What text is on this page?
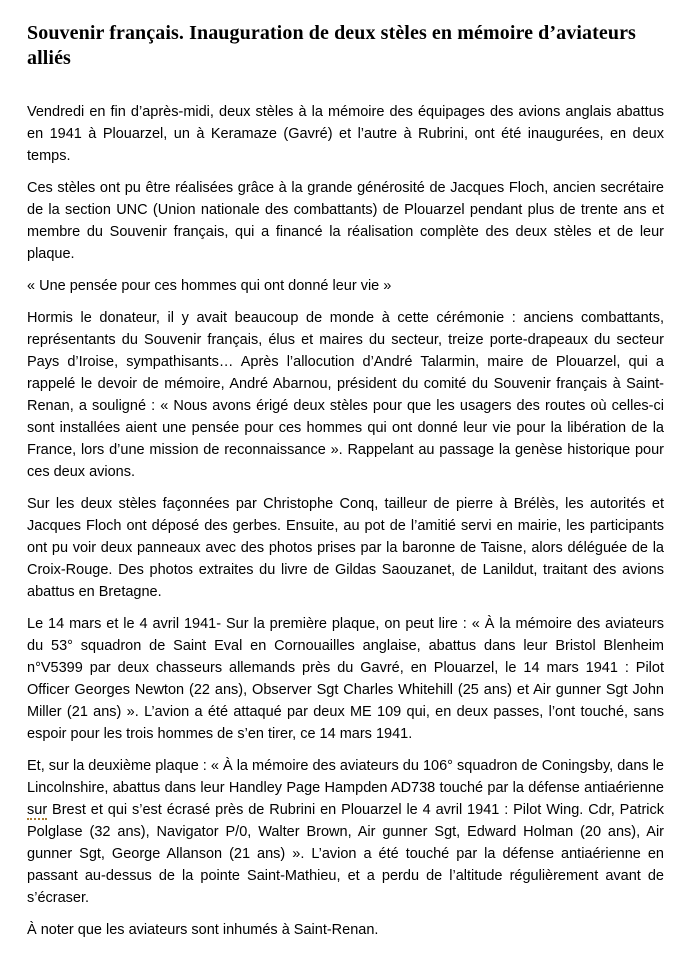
Souvenir français. Inauguration de deux stèles en mémoire d’aviateurs alliés

Vendredi en fin d’après-midi, deux stèles à la mémoire des équipages des avions anglais abattus en 1941 à Plouarzel, un à Keramaze (Gavré) et l’autre à Rubrini, ont été inaugurées, en deux temps.

Ces stèles ont pu être réalisées grâce à la grande générosité de Jacques Floch, ancien secrétaire de la section UNC (Union nationale des combattants) de Plouarzel pendant plus de trente ans et membre du Souvenir français, qui a financé la réalisation complète des deux stèles et de leur plaque.

« Une pensée pour ces hommes qui ont donné leur vie »

Hormis le donateur, il y avait beaucoup de monde à cette cérémonie : anciens combattants, représentants du Souvenir français, élus et maires du secteur, treize porte-drapeaux du secteur Pays d’Iroise, sympathisants… Après l’allocution d’André Talarmin, maire de Plouarzel, qui a rappelé le devoir de mémoire, André Abarnou, président du comité du Souvenir français à Saint-Renan, a souligné : « Nous avons érigé deux stèles pour que les usagers des routes où celles-ci sont installées aient une pensée pour ces hommes qui ont donné leur vie pour la libération de la France, lors d’une mission de reconnaissance ». Rappelant au passage la genèse historique pour ces deux avions.

Sur les deux stèles façonnées par Christophe Conq, tailleur de pierre à Brélès, les autorités et Jacques Floch ont déposé des gerbes. Ensuite, au pot de l’amitié servi en mairie, les participants ont pu voir deux panneaux avec des photos prises par la baronne de Taisne, alors déléguée de la Croix-Rouge. Des photos extraites du livre de Gildas Saouzanet, de Lanildut, traitant des avions abattus en Bretagne.

Le 14 mars et le 4 avril 1941- Sur la première plaque, on peut lire : « À la mémoire des aviateurs du 53° squadron de Saint Eval en Cornouailles anglaise, abattus dans leur Bristol Blenheim n°V5399 par deux chasseurs allemands près du Gavré, en Plouarzel, le 14 mars 1941 : Pilot Officer Georges Newton (22 ans), Observer Sgt Charles Whitehill (25 ans) et Air gunner Sgt John Miller (21 ans) ». L’avion a été attaqué par deux ME 109 qui, en deux passes, l’ont touché, sans espoir pour les trois hommes de s’en tirer, ce 14 mars 1941.

Et, sur la deuxième plaque : « À la mémoire des aviateurs du 106° squadron de Coningsby, dans le Lincolnshire, abattus dans leur Handley Page Hampden AD738 touché par la défense antiaérienne sur Brest et qui s’est écrasé près de Rubrini en Plouarzel le 4 avril 1941 : Pilot Wing. Cdr, Patrick Polglase (32 ans), Navigator P/0, Walter Brown, Air gunner Sgt, Edward Holman (20 ans), Air gunner Sgt, George Allanson (21 ans) ». L’avion a été touché par la défense antiaérienne en passant au-dessus de la pointe Saint-Mathieu, et a perdu de l’altitude régulièrement avant de s’écraser.

À noter que les aviateurs sont inhumés à Saint-Renan.
